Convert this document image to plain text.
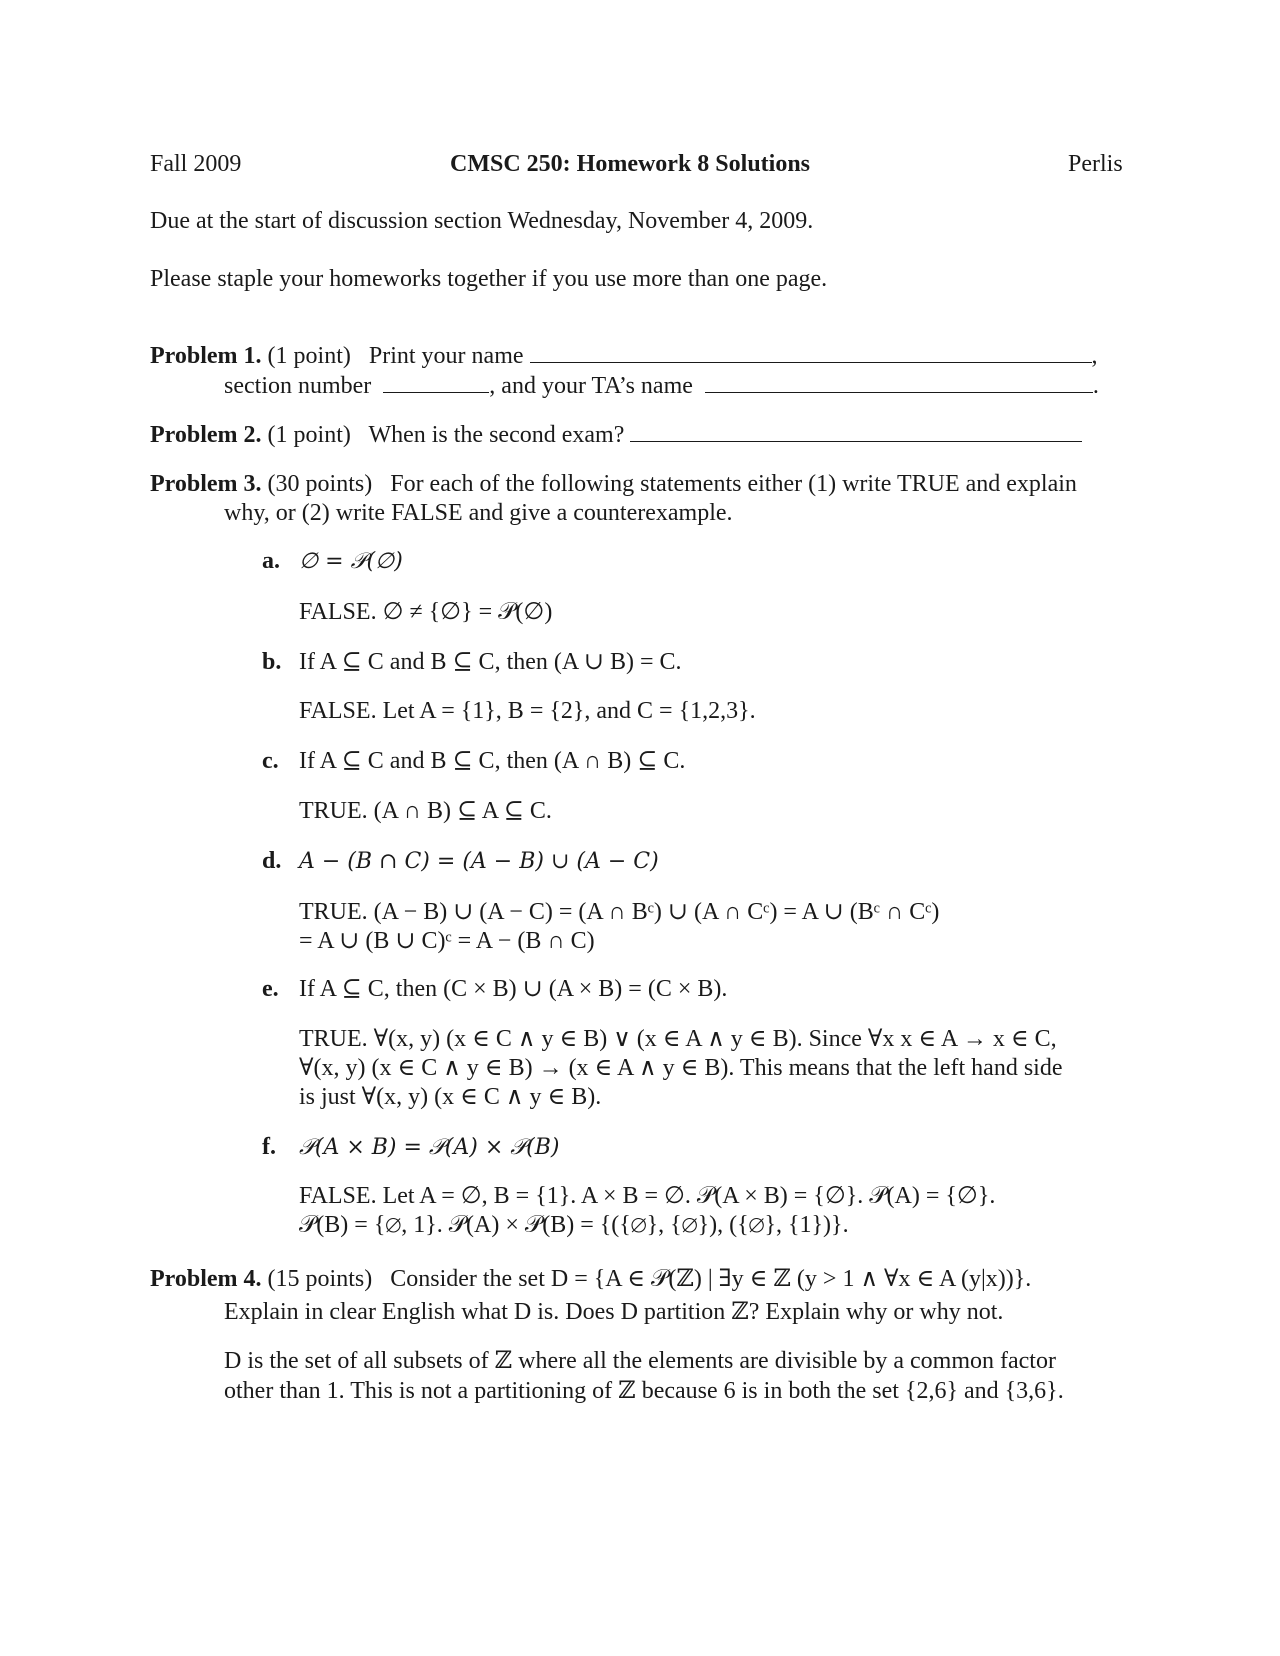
Fall 2009	CMSC 250: Homework 8 Solutions	Perlis
Due at the start of discussion section Wednesday, November 4, 2009.
Please staple your homeworks together if you use more than one page.
Problem 1. (1 point) Print your name	,
section number	, and your TA’s name	.
Problem 2. (1 point) When is the second exam?
Problem 3. (30 points) For each of the following statements either (1) write TRUE and explain
why, or (2) write FALSE and give a counterexample.
a. ∅ = 𝒫(∅)
FALSE. ∅ ≠ {∅} = 𝒫(∅)
b. If A ⊆ C and B ⊆ C, then (A ∪ B) = C.
FALSE. Let A = {1}, B = {2}, and C = {1,2,3}.
c. If A ⊆ C and B ⊆ C, then (A ∩ B) ⊆ C.
TRUE. (A ∩ B) ⊆ A ⊆ C.
d. A − (B ∩ C) = (A − B) ∪ (A − C)
TRUE. (A − B) ∪ (A − C) = (A ∩ Bᶜ) ∪ (A ∩ Cᶜ) = A ∪ (Bᶜ ∩ Cᶜ)
= A ∪ (B ∪ C)ᶜ = A − (B ∩ C)
e. If A ⊆ C, then (C × B) ∪ (A × B) = (C × B).
TRUE. ∀(x, y) (x ∈ C ∧ y ∈ B) ∨ (x ∈ A ∧ y ∈ B). Since ∀x x ∈ A → x ∈ C,
∀(x, y) (x ∈ C ∧ y ∈ B) → (x ∈ A ∧ y ∈ B). This means that the left hand side
is just ∀(x, y) (x ∈ C ∧ y ∈ B).
f. 𝒫(A × B) = 𝒫(A) × 𝒫(B)
FALSE. Let A = ∅, B = {1}. A × B = ∅. 𝒫(A × B) = {∅}. 𝒫(A) = {∅}.
𝒫(B) = {∅, 1}. 𝒫(A) × 𝒫(B) = {({∅}, {∅}), ({∅}, {1})}.
Problem 4. (15 points) Consider the set D = {A ∈ 𝒫(ℤ) | ∃y ∈ ℤ (y > 1 ∧ ∀x ∈ A (y|x))}.
Explain in clear English what D is. Does D partition ℤ? Explain why or why not.
D is the set of all subsets of ℤ where all the elements are divisible by a common factor
other than 1. This is not a partitioning of ℤ because 6 is in both the set {2,6} and {3,6}.
